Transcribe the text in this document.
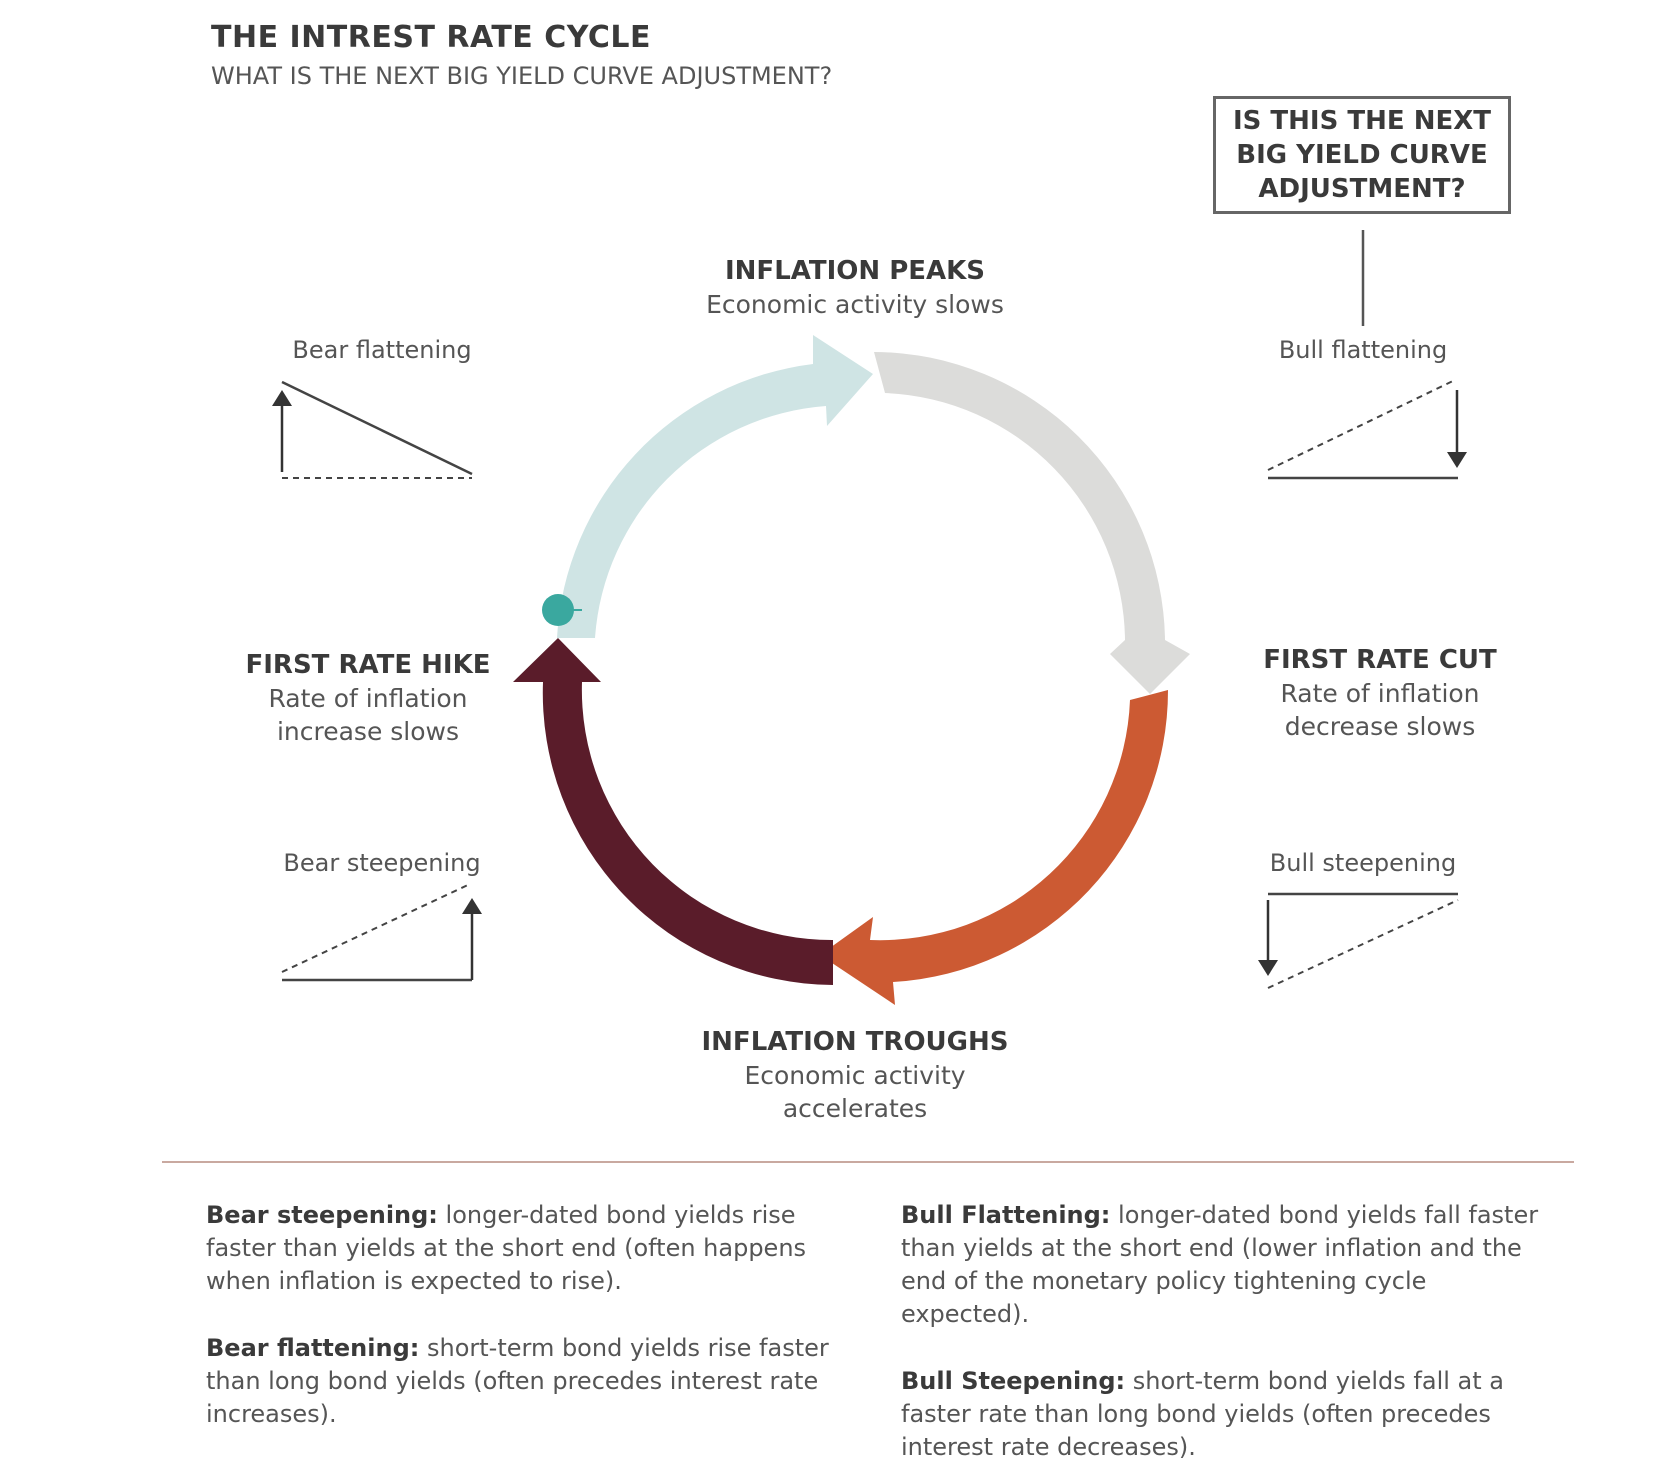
THE INTREST RATE CYCLE
WHAT IS THE NEXT BIG YIELD CURVE ADJUSTMENT?
IS THIS THE NEXT BIG YIELD CURVE ADJUSTMENT?
INFLATION PEAKS
Economic activity slows
FIRST RATE CUT
Rate of inflation
decrease slows
INFLATION TROUGHS
Economic activity
accelerates
FIRST RATE HIKE
Rate of inflation
increase slows
Bear flattening	Bull flattening
Bear steepening	Bull steepening
Bear steepening: longer-dated bond yields rise faster than yields at the short end (often happens when inflation is expected to rise).
Bear flattening: short-term bond yields rise faster than long bond yields (often precedes interest rate increases).
Bull Flattening: longer-dated bond yields fall faster than yields at the short end (lower inflation and the end of the monetary policy tightening cycle expected).
Bull Steepening: short-term bond yields fall at a faster rate than long bond yields (often precedes interest rate decreases).
